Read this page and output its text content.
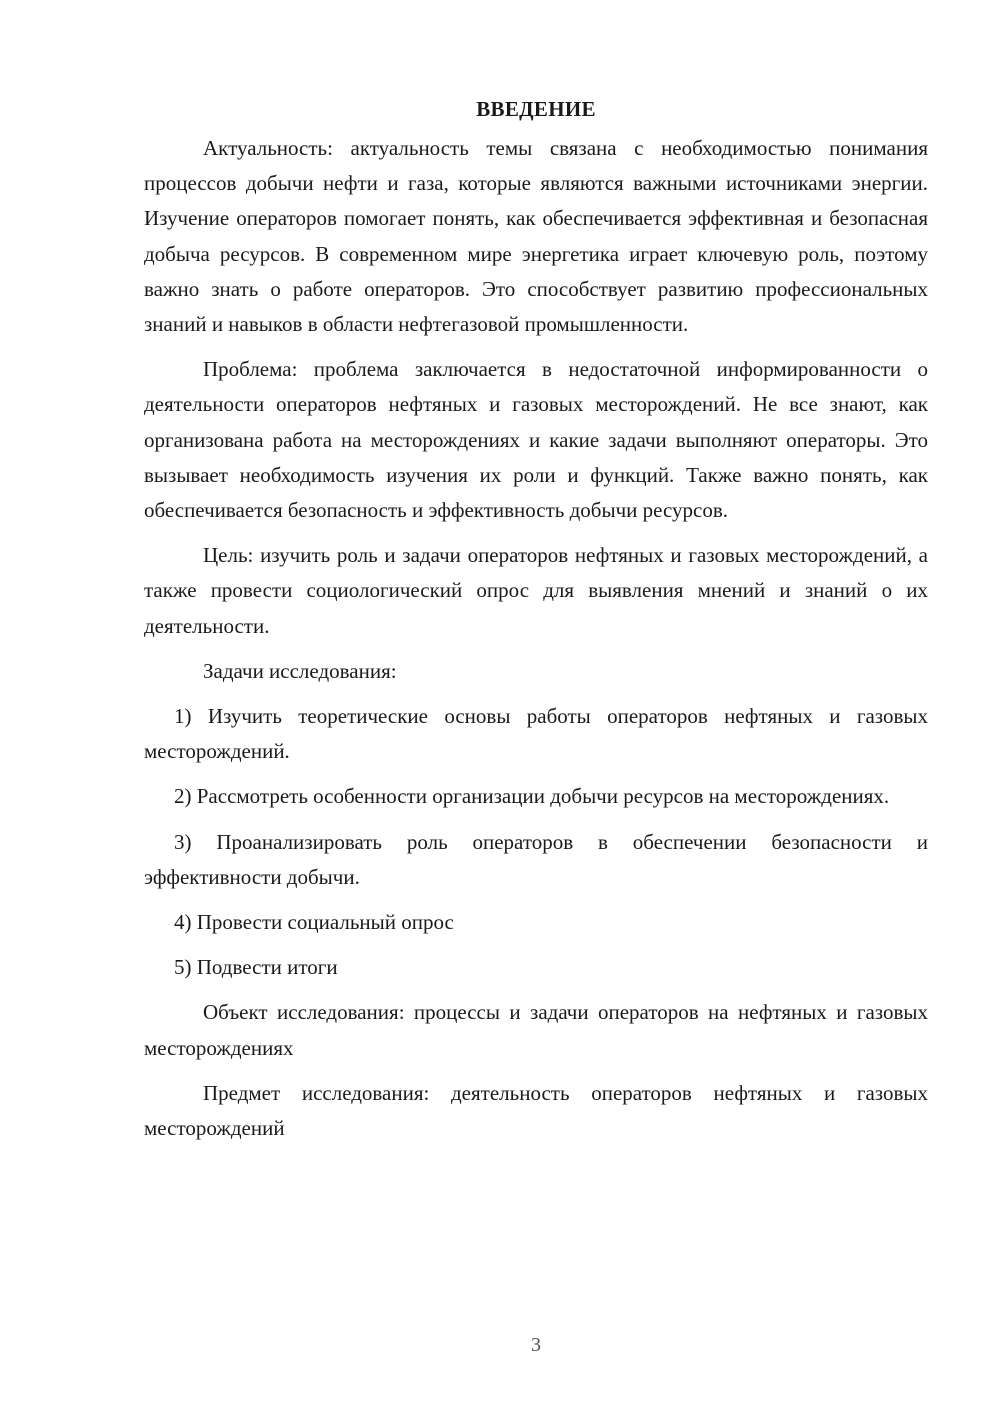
ВВЕДЕНИЕ

Актуальность: актуальность темы связана с необходимостью понимания процессов добычи нефти и газа, которые являются важными источниками энергии. Изучение операторов помогает понять, как обеспечивается эффективная и безопасная добыча ресурсов. В современном мире энергетика играет ключевую роль, поэтому важно знать о работе операторов. Это способствует развитию профессиональных знаний и навыков в области нефтегазовой промышленности.

Проблема: проблема заключается в недостаточной информированности о деятельности операторов нефтяных и газовых месторождений. Не все знают, как организована работа на месторождениях и какие задачи выполняют операторы. Это вызывает необходимость изучения их роли и функций. Также важно понять, как обеспечивается безопасность и эффективность добычи ресурсов.

Цель: изучить роль и задачи операторов нефтяных и газовых месторождений, а также провести социологический опрос для выявления мнений и знаний о их деятельности.

Задачи исследования:

1) Изучить теоретические основы работы операторов нефтяных и газовых месторождений.

2) Рассмотреть особенности организации добычи ресурсов на месторождениях.

3) Проанализировать роль операторов в обеспечении безопасности и эффективности добычи.

4) Провести социальный опрос

5) Подвести итоги

Объект исследования: процессы и задачи операторов на нефтяных и газовых месторождениях

Предмет исследования: деятельность операторов нефтяных и газовых месторождений

3
